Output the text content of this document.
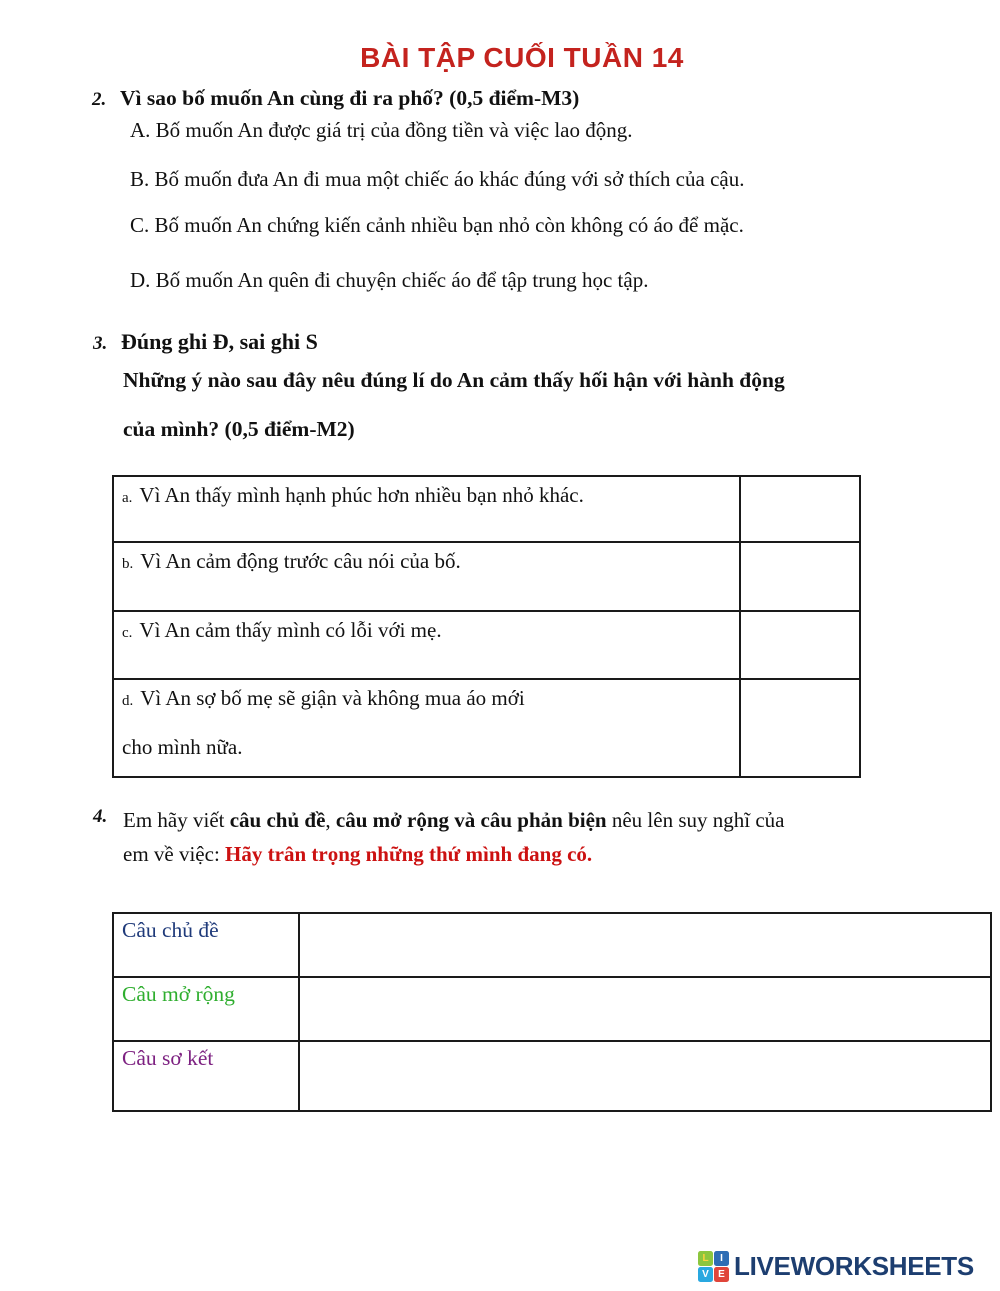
BÀI TẬP CUỐI TUẦN 14
2. Vì sao bố muốn An cùng đi ra phố? (0,5 điểm-M3)
A. Bố muốn An được giá trị của đồng tiền và việc lao động.
B. Bố muốn đưa An đi mua một chiếc áo khác đúng với sở thích của cậu.
C. Bố muốn An chứng kiến cảnh nhiều bạn nhỏ còn không có áo để mặc.
D. Bố muốn An quên đi chuyện chiếc áo để tập trung học tập.
3. Đúng ghi Đ, sai ghi S
Những ý nào sau đây nêu đúng lí do An cảm thấy hối hận với hành động
của mình? (0,5 điểm-M2)
a. Vì An thấy mình hạnh phúc hơn nhiều bạn nhỏ khác.	
b. Vì An cảm động trước câu nói của bố.	
c. Vì An cảm thấy mình có lỗi với mẹ.	

d. Vì An sợ bố mẹ sẽ giận và không mua áo mới
cho mình nữa.	

4. Em hãy viết câu chủ đề, câu mở rộng và câu phản biện nêu lên suy nghĩ của
em về việc: Hãy trân trọng những thứ mình đang có.
Câu chủ đề	
Câu mở rộng	
Câu sơ kết	
L	I
V E LIVEWORKSHEETS
